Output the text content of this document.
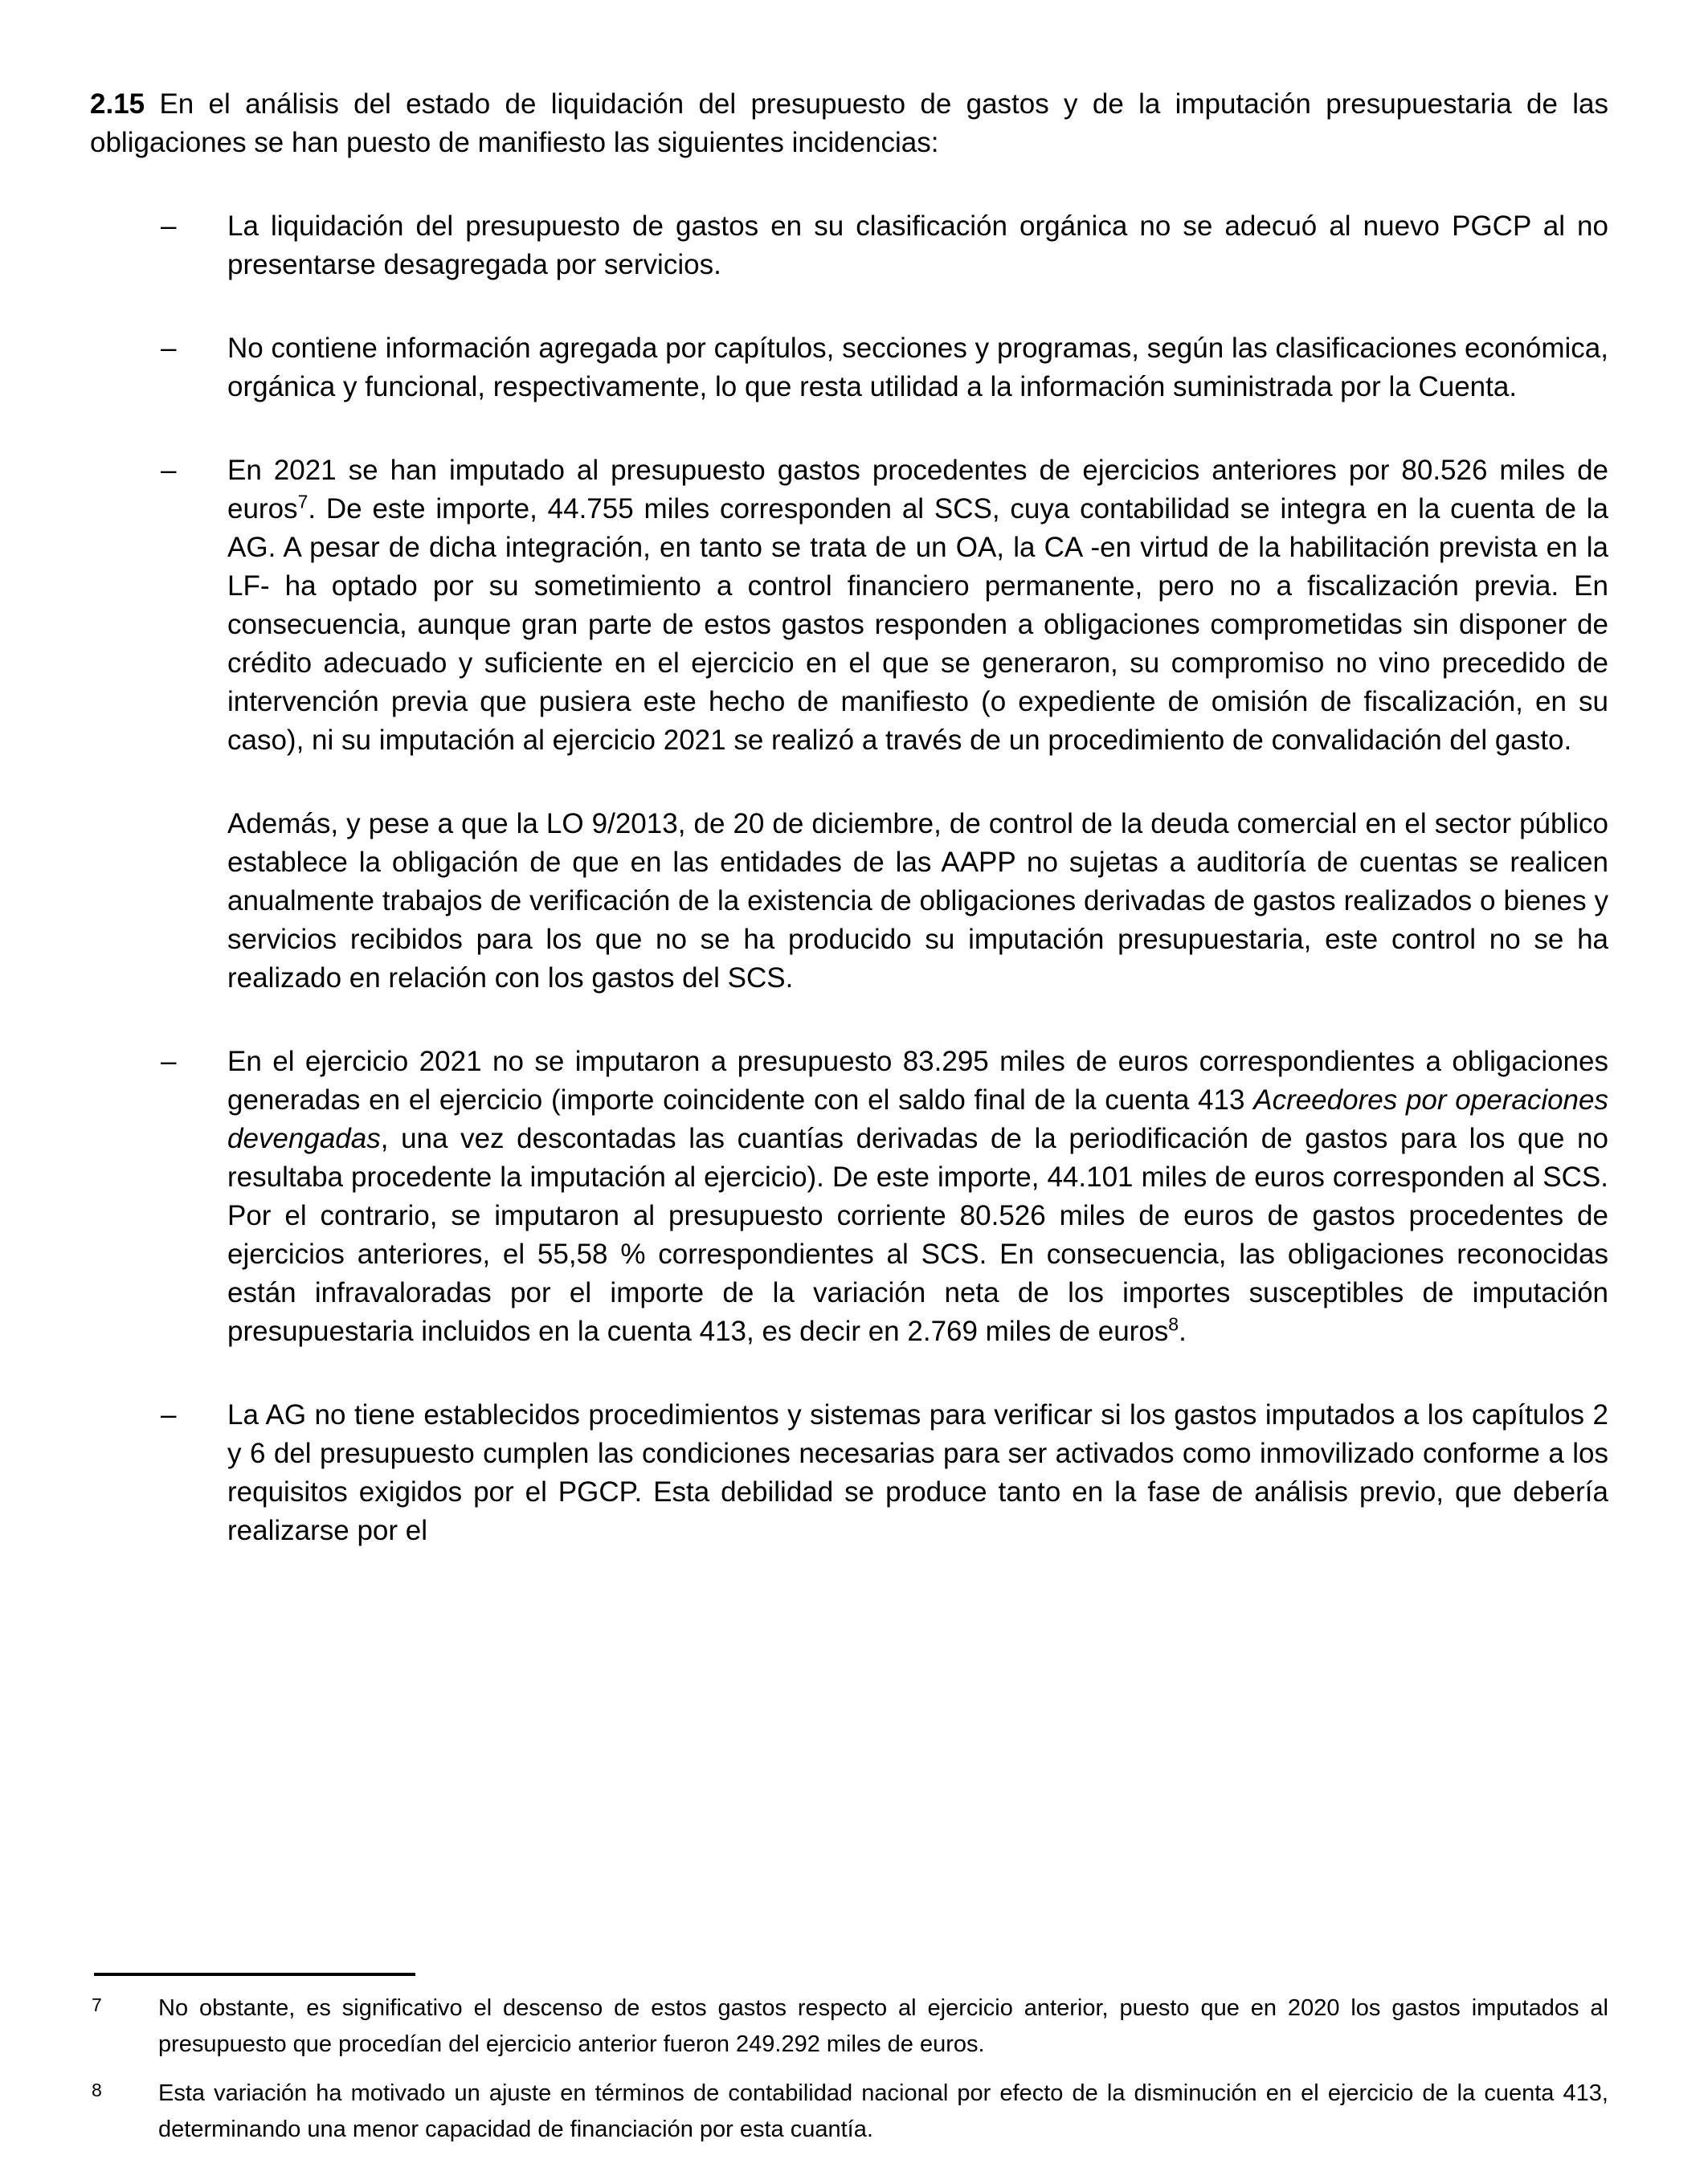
2.15 En el análisis del estado de liquidación del presupuesto de gastos y de la imputación presupuestaria de las obligaciones se han puesto de manifiesto las siguientes incidencias:

– La liquidación del presupuesto de gastos en su clasificación orgánica no se adecuó al nuevo PGCP al no presentarse desagregada por servicios.

– No contiene información agregada por capítulos, secciones y programas, según las clasificaciones económica, orgánica y funcional, respectivamente, lo que resta utilidad a la información suministrada por la Cuenta.

– En 2021 se han imputado al presupuesto gastos procedentes de ejercicios anteriores por 80.526 miles de euros$^7$. De este importe, 44.755 miles corresponden al SCS, cuya contabilidad se integra en la cuenta de la AG. A pesar de dicha integración, en tanto se trata de un OA, la CA -en virtud de la habilitación prevista en la LF- ha optado por su sometimiento a control financiero permanente, pero no a fiscalización previa. En consecuencia, aunque gran parte de estos gastos responden a obligaciones comprometidas sin disponer de crédito adecuado y suficiente en el ejercicio en el que se generaron, su compromiso no vino precedido de intervención previa que pusiera este hecho de manifiesto (o expediente de omisión de fiscalización, en su caso), ni su imputación al ejercicio 2021 se realizó a través de un procedimiento de convalidación del gasto.

Además, y pese a que la LO 9/2013, de 20 de diciembre, de control de la deuda comercial en el sector público establece la obligación de que en las entidades de las AAPP no sujetas a auditoría de cuentas se realicen anualmente trabajos de verificación de la existencia de obligaciones derivadas de gastos realizados o bienes y servicios recibidos para los que no se ha producido su imputación presupuestaria, este control no se ha realizado en relación con los gastos del SCS.

– En el ejercicio 2021 no se imputaron a presupuesto 83.295 miles de euros correspondientes a obligaciones generadas en el ejercicio (importe coincidente con el saldo final de la cuenta 413 Acreedores por operaciones devengadas, una vez descontadas las cuantías derivadas de la periodificación de gastos para los que no resultaba procedente la imputación al ejercicio). De este importe, 44.101 miles de euros corresponden al SCS. Por el contrario, se imputaron al presupuesto corriente 80.526 miles de euros de gastos procedentes de ejercicios anteriores, el 55,58 % correspondientes al SCS. En consecuencia, las obligaciones reconocidas están infravaloradas por el importe de la variación neta de los importes susceptibles de imputación presupuestaria incluidos en la cuenta 413, es decir en 2.769 miles de euros$^8$.

– La AG no tiene establecidos procedimientos y sistemas para verificar si los gastos imputados a los capítulos 2 y 6 del presupuesto cumplen las condiciones necesarias para ser activados como inmovilizado conforme a los requisitos exigidos por el PGCP. Esta debilidad se produce tanto en la fase de análisis previo, que debería realizarse por el

7 No obstante, es significativo el descenso de estos gastos respecto al ejercicio anterior, puesto que en 2020 los gastos imputados al presupuesto que procedían del ejercicio anterior fueron 249.292 miles de euros.
8 Esta variación ha motivado un ajuste en términos de contabilidad nacional por efecto de la disminución en el ejercicio de la cuenta 413, determinando una menor capacidad de financiación por esta cuantía.
